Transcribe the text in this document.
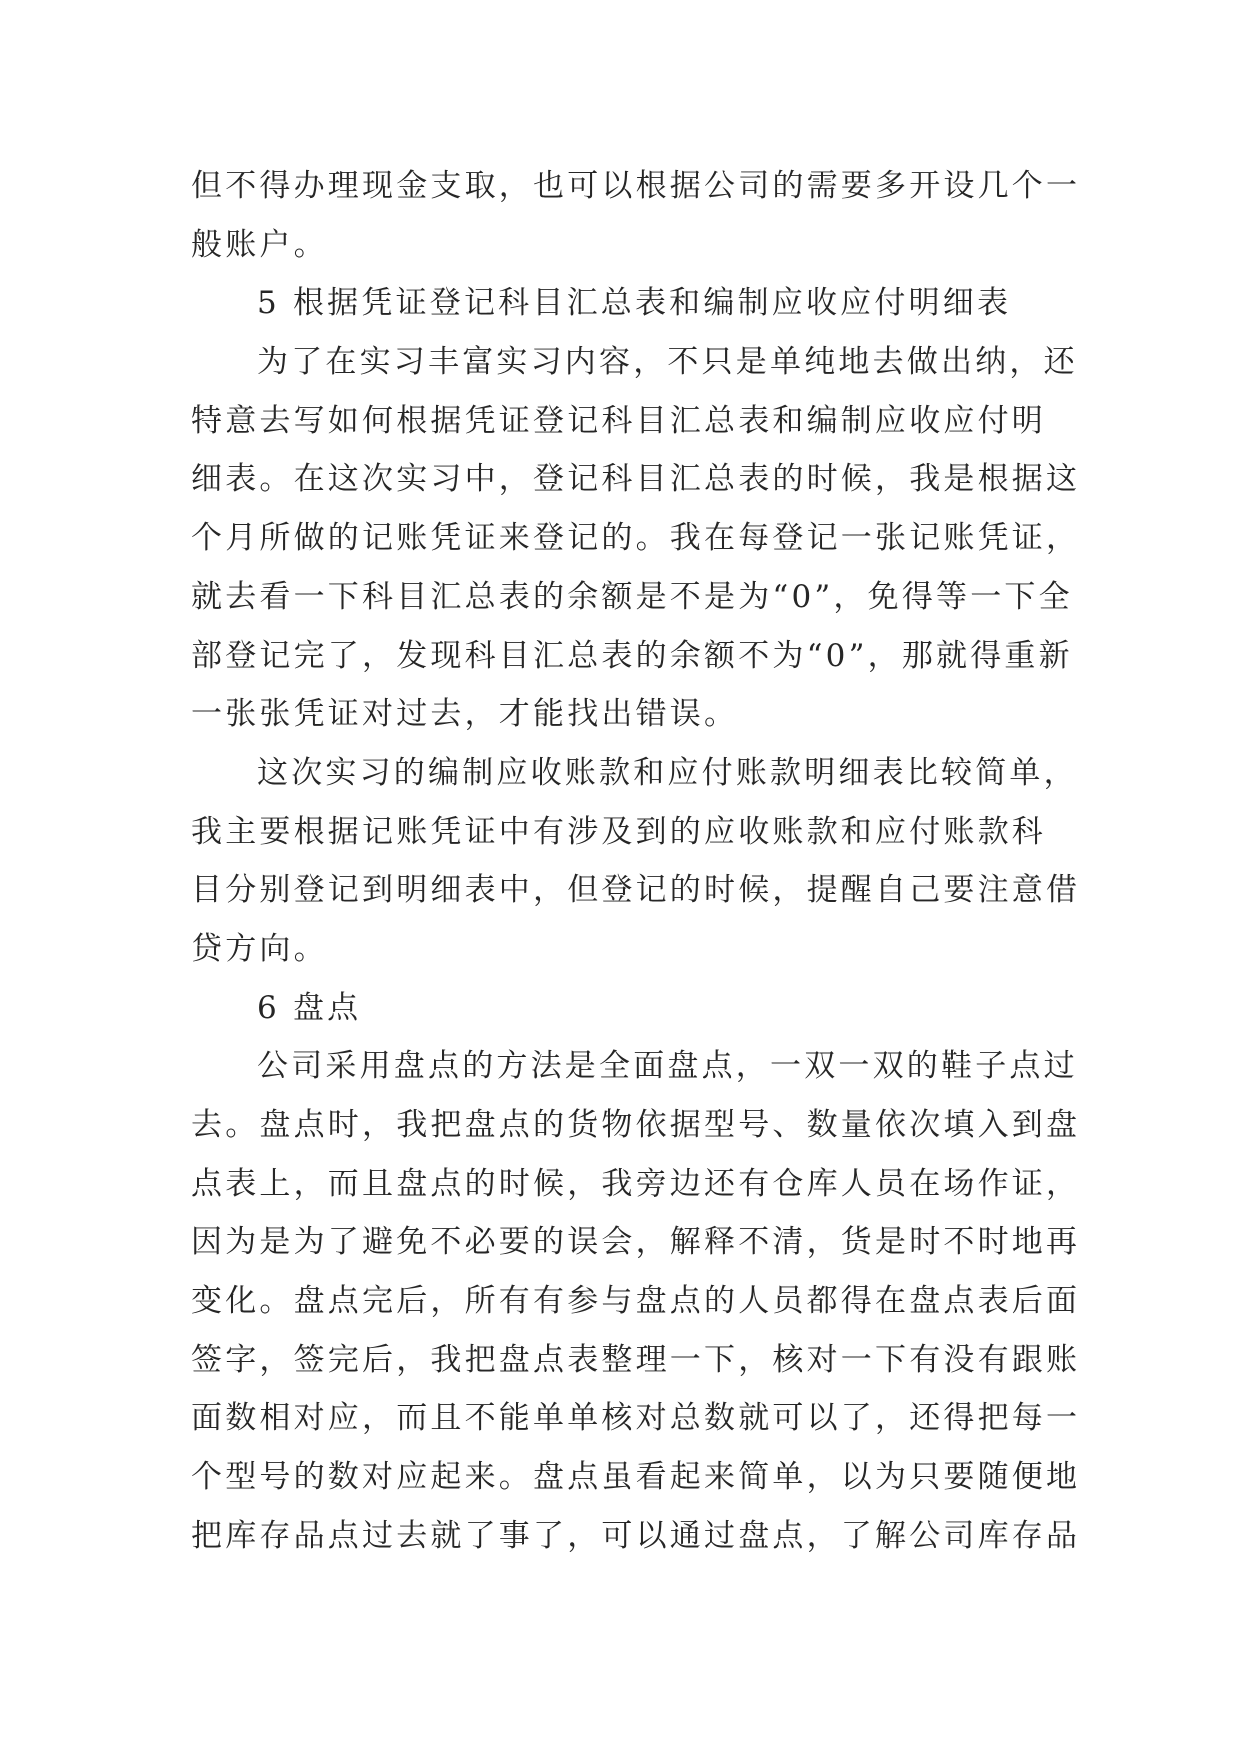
但不得办理现金支取，也可以根据公司的需要多开设几个一
般账户。
5 根据凭证登记科目汇总表和编制应收应付明细表
为了在实习丰富实习内容，不只是单纯地去做出纳，还
特意去写如何根据凭证登记科目汇总表和编制应收应付明
细表。在这次实习中，登记科目汇总表的时候，我是根据这
个月所做的记账凭证来登记的。我在每登记一张记账凭证，
就去看一下科目汇总表的余额是不是为“0”，免得等一下全
部登记完了，发现科目汇总表的余额不为“0”，那就得重新
一张张凭证对过去，才能找出错误。
这次实习的编制应收账款和应付账款明细表比较简单，
我主要根据记账凭证中有涉及到的应收账款和应付账款科
目分别登记到明细表中，但登记的时候，提醒自己要注意借
贷方向。
6 盘点
公司采用盘点的方法是全面盘点，一双一双的鞋子点过
去。盘点时，我把盘点的货物依据型号、数量依次填入到盘
点表上，而且盘点的时候，我旁边还有仓库人员在场作证，
因为是为了避免不必要的误会，解释不清，货是时不时地再
变化。盘点完后，所有有参与盘点的人员都得在盘点表后面
签字，签完后，我把盘点表整理一下，核对一下有没有跟账
面数相对应，而且不能单单核对总数就可以了，还得把每一
个型号的数对应起来。盘点虽看起来简单，以为只要随便地
把库存品点过去就了事了，可以通过盘点，了解公司库存品
